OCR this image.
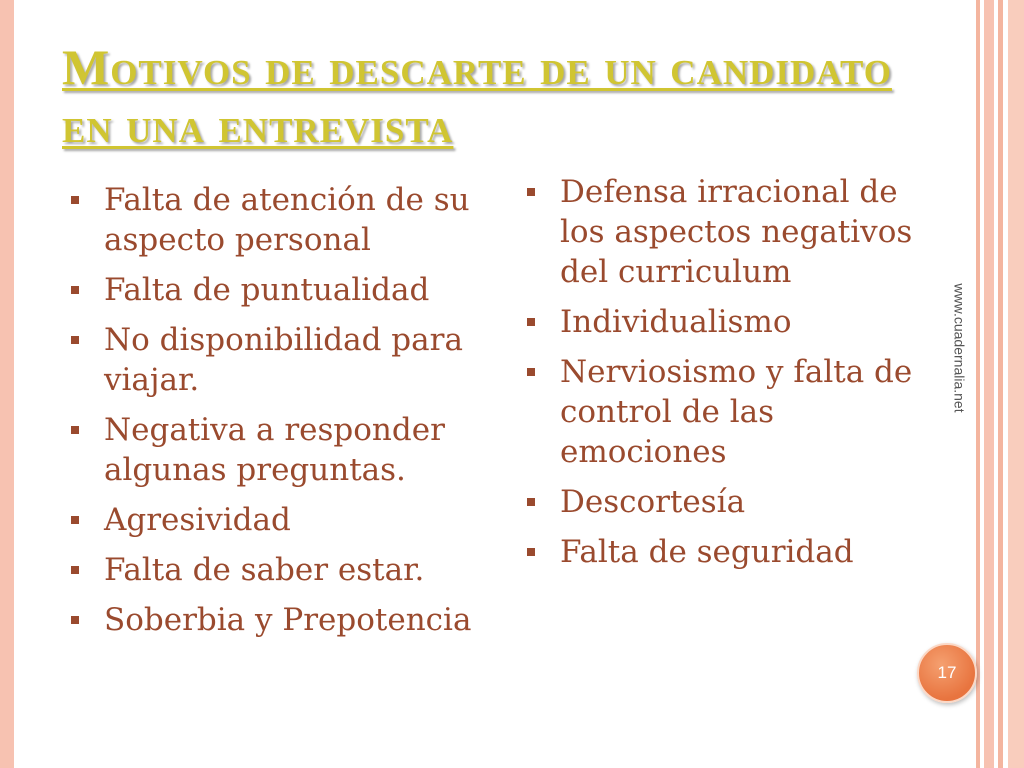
Motivos de descarte de un candidato en una entrevista
Falta de atención de su aspecto personal
Falta de puntualidad
No disponibilidad para viajar.
Negativa a responder algunas preguntas.
Agresividad
Falta de saber estar.
Soberbia y Prepotencia
Defensa irracional de los aspectos negativos del curriculum
Individualismo
Nerviosismo y falta de control de las emociones
Descortesía
Falta de seguridad
www.cuadernalia.net
17
